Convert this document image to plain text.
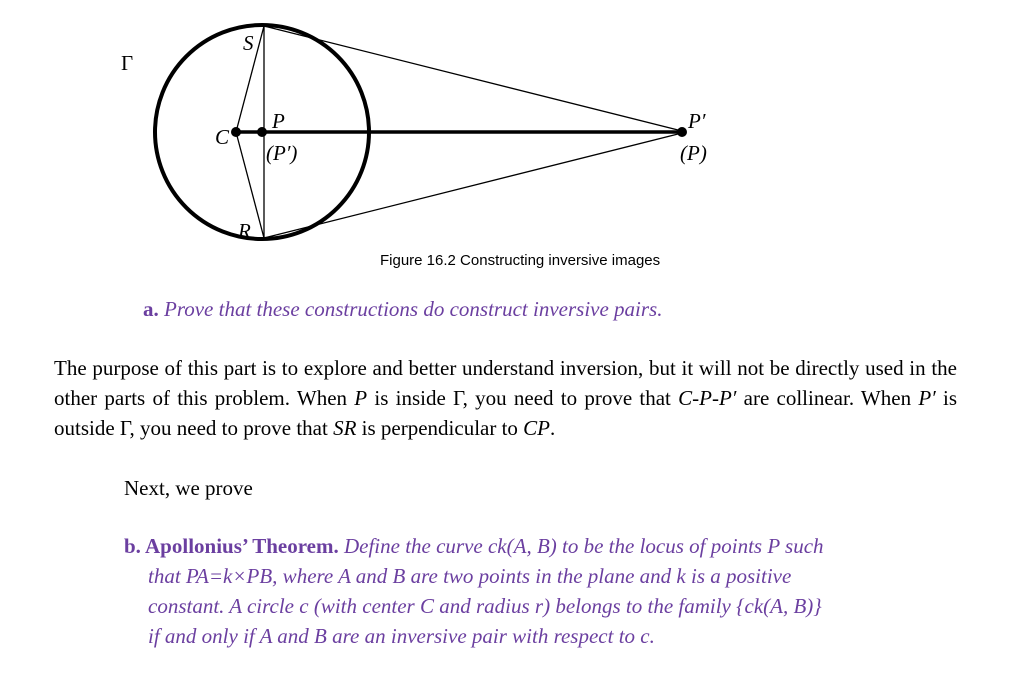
Γ
S
C
P
(P′)
R
P′
(P)
Figure 16.2 Constructing inversive images
a. Prove that these constructions do construct inversive pairs.
The purpose of this part is to explore and better understand inversion, but it will not be directly used in the other parts of this problem. When P is inside Γ, you need to prove that C-P-P′ are collinear. When P′ is outside Γ, you need to prove that SR is perpendicular to CP.
Next, we prove
b. Apollonius’ Theorem. Define the curve ck(A, B) to be the locus of points P such
that PA=k×PB, where A and B are two points in the plane and k is a positive
constant. A circle c (with center C and radius r) belongs to the family {ck(A, B)}
if and only if A and B are an inversive pair with respect to c.
